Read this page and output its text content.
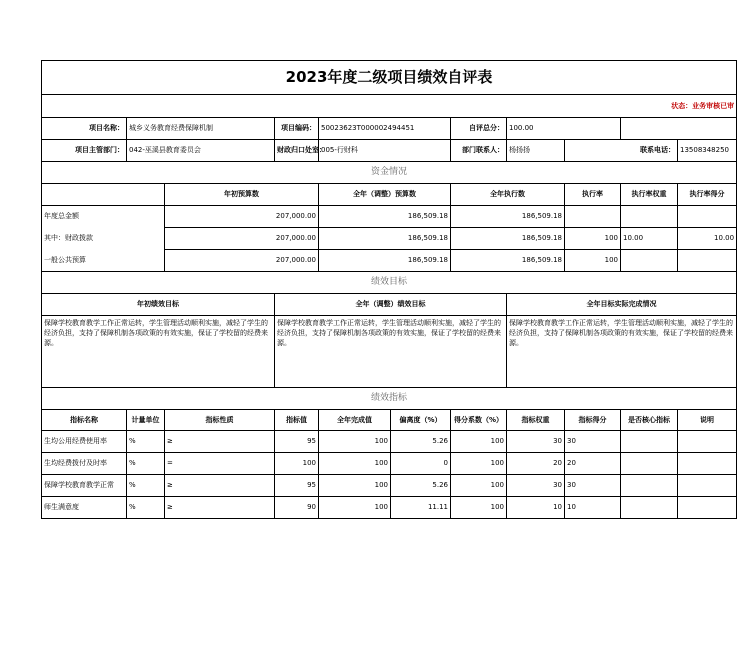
2023年度二级项目绩效自评表										
状态：业务审核已审										
项目名称：	城乡义务教育经费保障机制		项目编码：	50023623T000002494451		自评总分：	100.00			
项目主管部门：	042-巫溪县教育委员会		财政归口处室：	005-行财科		部门联系人：	杨扬扬	联系电话：		13508348250
资金情况										
		年初预算数		全年（调整）预算数		全年执行数		执行率	执行率权重	执行率得分
年度总金额		207,000.00		186,509.18		186,509.18				
其中：财政拨款		207,000.00		186,509.18		186,509.18		100	10.00	10.00
一般公共预算		207,000.00		186,509.18		186,509.18		100		
绩效目标										
年初绩效目标			全年（调整）绩效目标				全年目标实际完成情况			
保障学校教育教学工作正常运转，学生管理活动顺利实施，减轻了学生的经济负担，支持了保障机制各项政策的有效实施，保证了学校留的经费来源。			保障学校教育教学工作正常运转，学生管理活动顺利实施，减轻了学生的经济负担，支持了保障机制各项政策的有效实施，保证了学校留的经费来源。				保障学校教育教学工作正常运转，学生管理活动顺利实施，减轻了学生的经济负担，支持了保障机制各项政策的有效实施，保证了学校留的经费来源。			
绩效指标										
指标名称	计量单位	指标性质	指标值	全年完成值	偏离度（%）	得分系数（%）	指标权重	指标得分	是否核心指标	说明
生均公用经费使用率	%	≥	95	100	5.26	100	30	30		
生均经费拨付及时率	%	=	100	100	0	100	20	20		
保障学校教育教学正常	%	≥	95	100	5.26	100	30	30		
师生满意度	%	≥	90	100	11.11	100	10	10		
